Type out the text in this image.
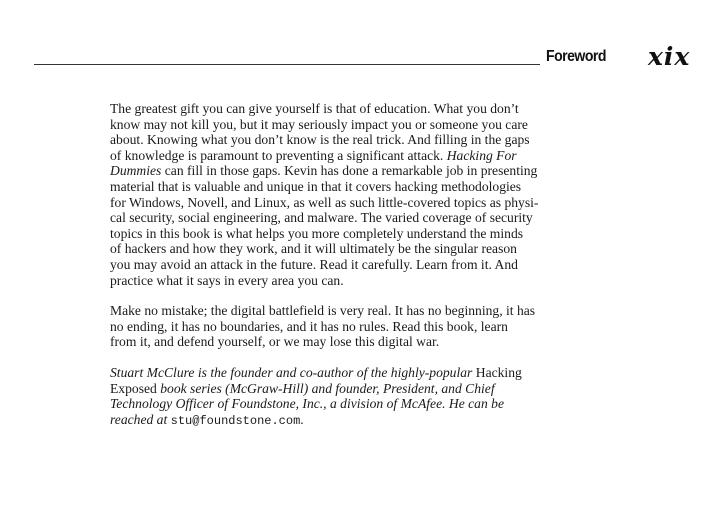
Foreword xix

The greatest gift you can give yourself is that of education. What you don’t
know may not kill you, but it may seriously impact you or someone you care
about. Knowing what you don’t know is the real trick. And filling in the gaps
of knowledge is paramount to preventing a significant attack. Hacking For
Dummies can fill in those gaps. Kevin has done a remarkable job in presenting
material that is valuable and unique in that it covers hacking methodologies
for Windows, Novell, and Linux, as well as such little-covered topics as physi-
cal security, social engineering, and malware. The varied coverage of security
topics in this book is what helps you more completely understand the minds
of hackers and how they work, and it will ultimately be the singular reason
you may avoid an attack in the future. Read it carefully. Learn from it. And
practice what it says in every area you can.

Make no mistake; the digital battlefield is very real. It has no beginning, it has
no ending, it has no boundaries, and it has no rules. Read this book, learn
from it, and defend yourself, or we may lose this digital war.

Stuart McClure is the founder and co-author of the highly-popular Hacking
Exposed book series (McGraw-Hill) and founder, President, and Chief
Technology Officer of Foundstone, Inc., a division of McAfee. He can be
reached at stu@foundstone.com.
